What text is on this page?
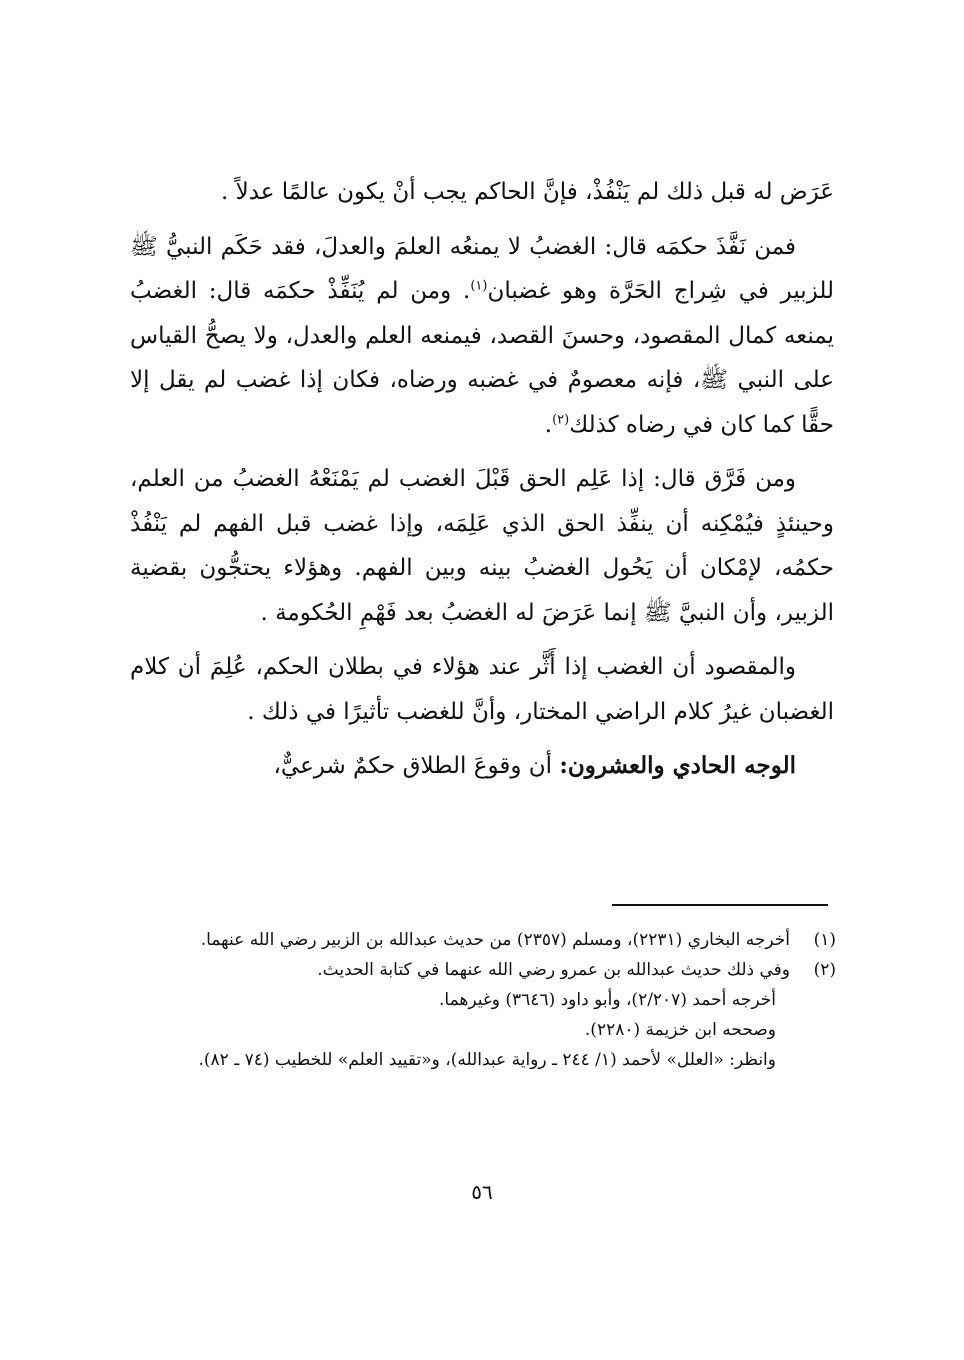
عَرَض له قبل ذلك لم يَنْفُذْ، فإنَّ الحاكم يجب أنْ يكون عالمًا عدلاً .

فمن نَفَّذَ حكمَه قال: الغضبُ لا يمنعُه العلمَ والعدلَ، فقد حَكَم النبيُّ ﷺ للزبير في شِراج الحَرَّة وهو غضبان$^{(١)}$. ومن لم يُنَفِّذْ حكمَه قال: الغضبُ يمنعه كمال المقصود، وحسنَ القصد، فيمنعه العلم والعدل، ولا يصحُّ القياس على النبي ﷺ، فإنه معصومٌ في غضبه ورضاه، فكان إذا غضب لم يقل إلا حقًّا كما كان في رضاه كذلك$^{(٢)}$.

ومن فَرَّق قال: إذا عَلِم الحق قَبْلَ الغضب لم يَمْنَعْهُ الغضبُ من العلم، وحينئذٍ فيُمْكِنه أن ينفِّذ الحق الذي عَلِمَه، وإذا غضب قبل الفهم لم يَنْفُذْ حكمُه، لإمْكان أن يَحُول الغضبُ بينه وبين الفهم. وهؤلاء يحتجُّون بقضية الزبير، وأن النبيَّ ﷺ إنما عَرَضَ له الغضبُ بعد فَهْمِ الحُكومة .

والمقصود أن الغضب إذا أَثَّر عند هؤلاء في بطلان الحكم، عُلِمَ أن كلام الغضبان غيرُ كلام الراضي المختار، وأنَّ للغضب تأثيرًا في ذلك .

الوجه الحادي والعشرون: أن وقوعَ الطلاق حكمٌ شرعيٌّ،

(١)
أخرجه البخاري (٢٢٣١)، ومسلم (٢٣٥٧) من حديث عبدالله بن الزبير رضي الله عنهما.
(٢)
وفي ذلك حديث عبدالله بن عمرو رضي الله عنهما في كتابة الحديث.

أخرجه أحمد (٢/٢٠٧)، وأبو داود (٣٦٤٦) وغيرهما.

وصححه ابن خزيمة (٢٢٨٠).

وانظر: «العلل» لأحمد (١/ ٢٤٤ ـ رواية عبدالله)، و«تقييد العلم» للخطيب (٧٤ ـ ٨٢).

٥٦
